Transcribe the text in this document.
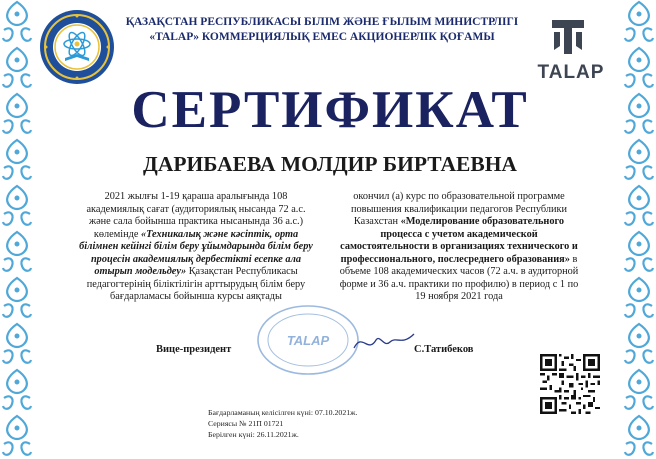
ҚАЗАҚСТАН РЕСПУБЛИКАСЫ БІЛІМ ЖӘНЕ ҒЫЛЫМ МИНИСТРЛІГІ
«TALAP» КОММЕРЦИЯЛЫҚ ЕМЕС АКЦИОНЕРЛІК ҚОҒАМЫ
TALAP
СЕРТИФИКАТ
ДАРИБАЕВА МОЛДИР БИРТАЕВНА
2021 жылғы 1-19 қараша аралығында 108 академиялық сағат (аудиториялық нысанда 72 а.с. және сала бойынша практика нысанында 36 а.с.) көлемінде «Техникалық және кәсіптік, орта білімнен кейінгі білім беру ұйымдарында білім беру процесін академиялық дербестікті есепке ала отырып модельдеу» Қазақстан Республикасы педагогтерінің біліктілігін арттырудың білім беру бағдарламасы бойынша курсы аяқтады
окончил (а) курс по образовательной программе повышения квалификации педагогов Республики Казахстан «Моделирование образовательного процесса с учетом академической самостоятельности в организациях технического и профессионального, послесреднего образования» в объеме 108 академических часов (72 а.ч. в аудиторной форме и 36 а.ч. практики по профилю) в период с 1 по 19 ноября 2021 года
TALAP
Вице-президент	С.Татибеков
Бағдарламаның келісілген күні: 07.10.2021ж.
Сериясы № 21П 01721
Берілген күні: 26.11.2021ж.
